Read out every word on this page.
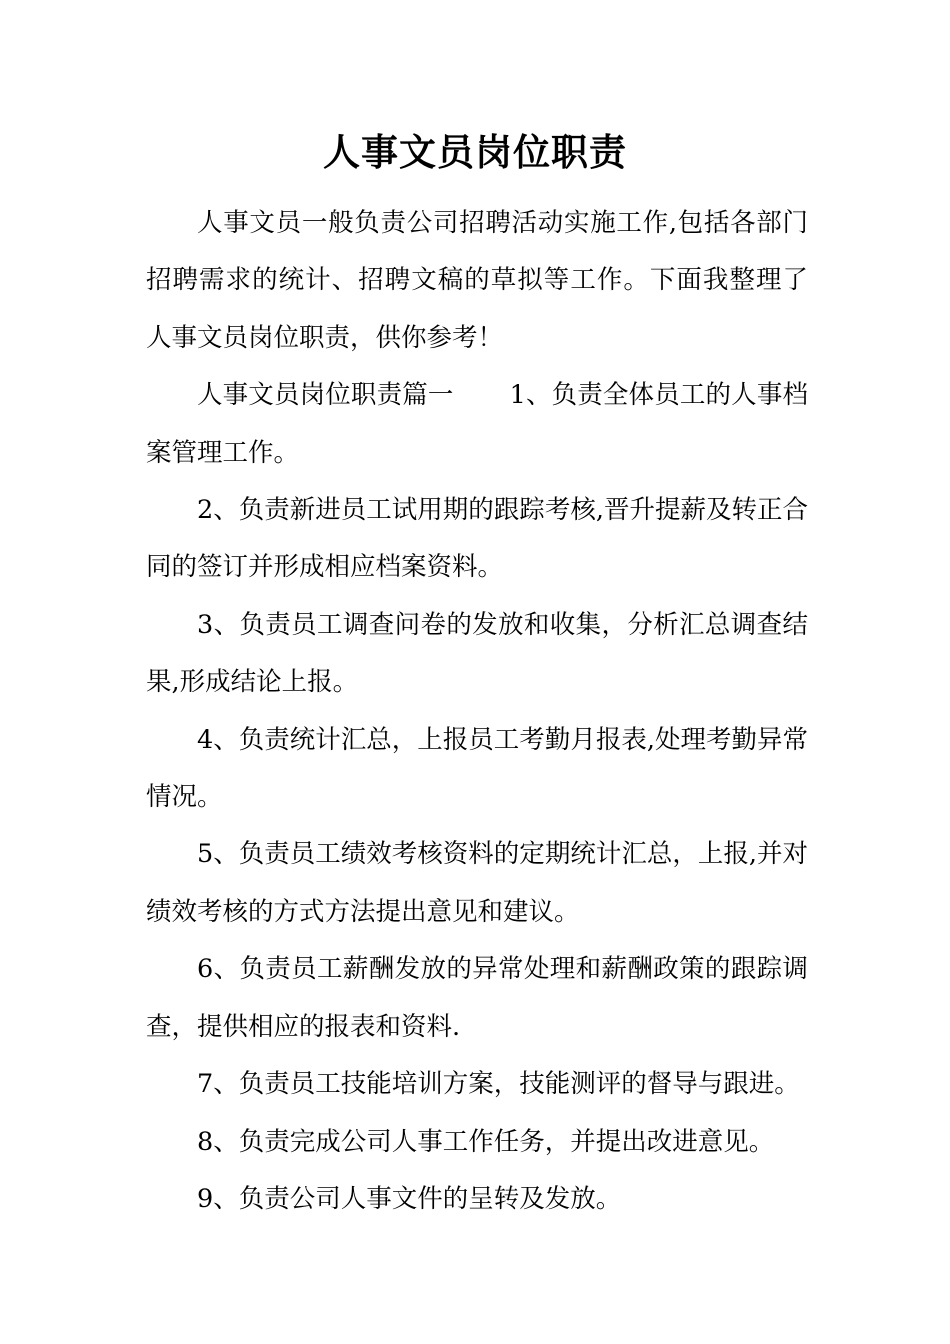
人事文员岗位职责

人事文员一般负责公司招聘活动实施工作,包括各部门招聘需求的统计、招聘文稿的草拟等工作。下面我整理了人事文员岗位职责，供你参考！

人事文员岗位职责篇一 1、负责全体员工的人事档案管理工作。

2、负责新进员工试用期的跟踪考核,晋升提薪及转正合同的签订并形成相应档案资料。

3、负责员工调查问卷的发放和收集，分析汇总调查结果,形成结论上报。

4、负责统计汇总，上报员工考勤月报表,处理考勤异常情况。

5、负责员工绩效考核资料的定期统计汇总，上报,并对绩效考核的方式方法提出意见和建议。

6、负责员工薪酬发放的异常处理和薪酬政策的跟踪调查，提供相应的报表和资料.

7、负责员工技能培训方案，技能测评的督导与跟进。

8、负责完成公司人事工作任务，并提出改进意见。

9、负责公司人事文件的呈转及发放。
